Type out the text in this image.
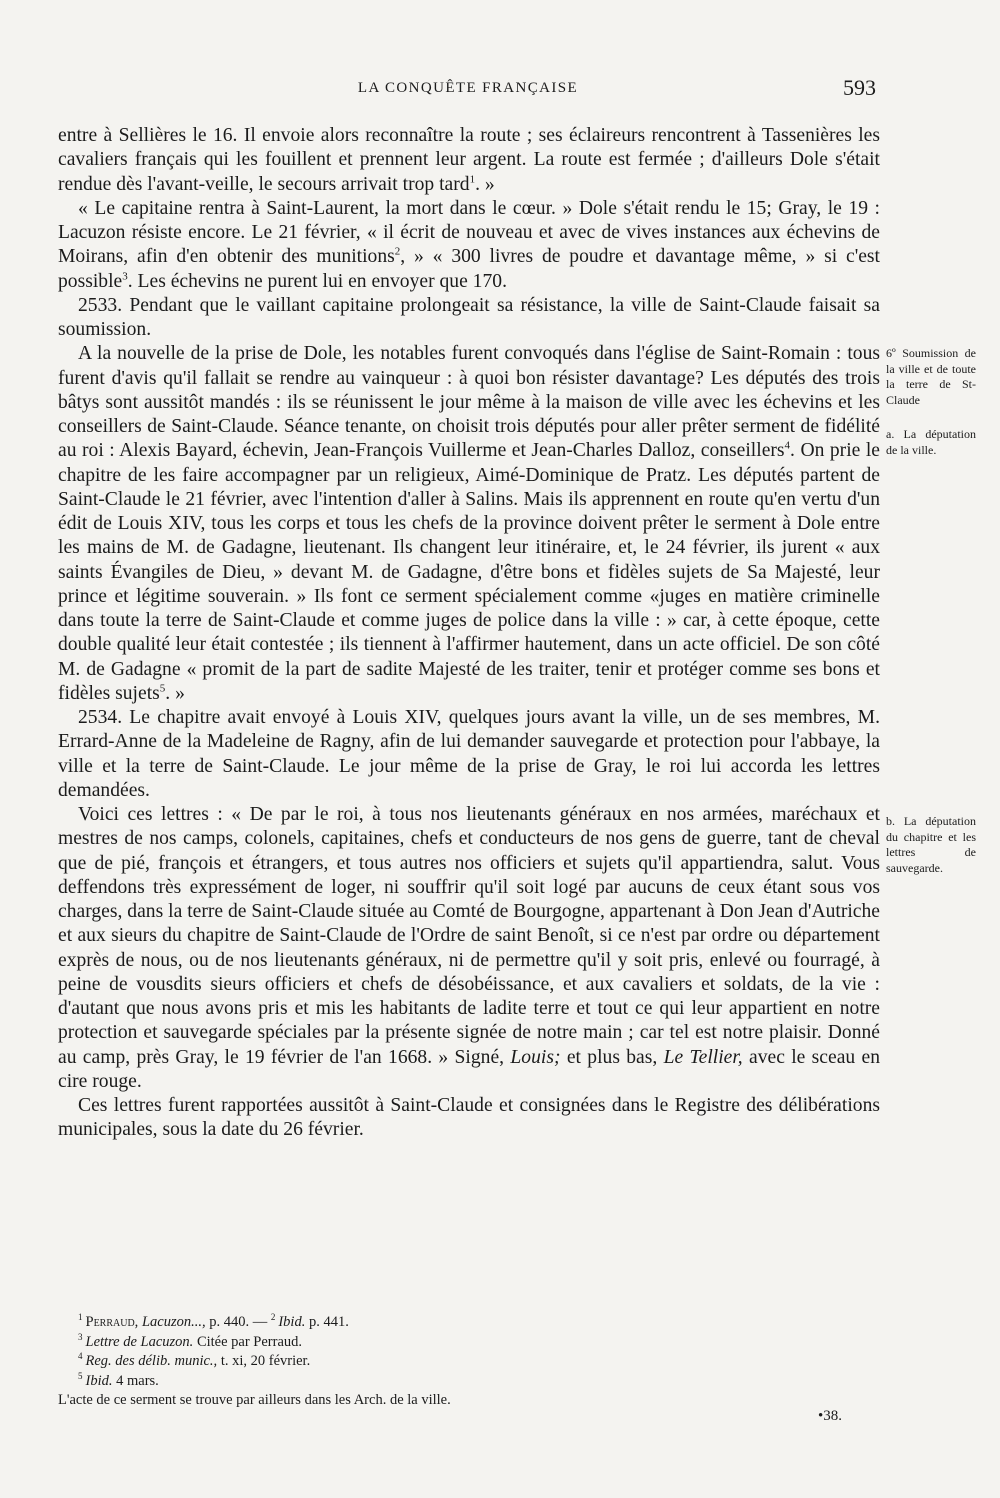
LA CONQUÊTE FRANÇAISE	593

entre à Sellières le 16. Il envoie alors reconnaître la route ; ses éclaireurs rencontrent à Tassenières les cavaliers français qui les fouillent et prennent leur argent. La route est fermée ; d'ailleurs Dole s'était rendue dès l'avant-veille, le secours arrivait trop tard$^1$. »

« Le capitaine rentra à Saint-Laurent, la mort dans le cœur. » Dole s'était rendu le 15; Gray, le 19 : Lacuzon résiste encore. Le 21 février, « il écrit de nouveau et avec de vives instances aux échevins de Moirans, afin d'en obtenir des munitions$^2$, » « 300 livres de poudre et davantage même, » si c'est possible$^3$. Les échevins ne purent lui en envoyer que 170.

2533. Pendant que le vaillant capitaine prolongeait sa résistance, la ville de Saint-Claude faisait sa soumission.

A la nouvelle de la prise de Dole, les notables furent convoqués dans l'église de Saint-Romain : tous furent d'avis qu'il fallait se rendre au vainqueur : à quoi bon résister davantage? Les députés des trois bâtys sont aussitôt mandés : ils se réunissent le jour même à la maison de ville avec les échevins et les conseillers de Saint-Claude. Séance tenante, on choisit trois députés pour aller prêter serment de fidélité au roi : Alexis Bayard, échevin, Jean-François Vuillerme et Jean-Charles Dalloz, conseillers$^4$. On prie le chapitre de les faire accompagner par un religieux, Aimé-Dominique de Pratz. Les députés partent de Saint-Claude le 21 février, avec l'intention d'aller à Salins. Mais ils apprennent en route qu'en vertu d'un édit de Louis XIV, tous les corps et tous les chefs de la province doivent prêter le serment à Dole entre les mains de M. de Gadagne, lieutenant. Ils changent leur itinéraire, et, le 24 février, ils jurent « aux saints Évangiles de Dieu, » devant M. de Gadagne, d'être bons et fidèles sujets de Sa Majesté, leur prince et légitime souverain. » Ils font ce serment spécialement comme «juges en matière criminelle dans toute la terre de Saint-Claude et comme juges de police dans la ville : » car, à cette époque, cette double qualité leur était contestée ; ils tiennent à l'affirmer hautement, dans un acte officiel. De son côté M. de Gadagne « promit de la part de sadite Majesté de les traiter, tenir et protéger comme ses bons et fidèles sujets$^5$. »

2534. Le chapitre avait envoyé à Louis XIV, quelques jours avant la ville, un de ses membres, M. Errard-Anne de la Madeleine de Ragny, afin de lui demander sauvegarde et protection pour l'abbaye, la ville et la terre de Saint-Claude. Le jour même de la prise de Gray, le roi lui accorda les lettres demandées.

Voici ces lettres : « De par le roi, à tous nos lieutenants généraux en nos armées, maréchaux et mestres de nos camps, colonels, capitaines, chefs et conducteurs de nos gens de guerre, tant de cheval que de pié, françois et étrangers, et tous autres nos officiers et sujets qu'il appartiendra, salut. Vous deffendons très expressément de loger, ni souffrir qu'il soit logé par aucuns de ceux étant sous vos charges, dans la terre de Saint-Claude située au Comté de Bourgogne, appartenant à Don Jean d'Autriche et aux sieurs du chapitre de Saint-Claude de l'Ordre de saint Benoît, si ce n'est par ordre ou département exprès de nous, ou de nos lieutenants généraux, ni de permettre qu'il y soit pris, enlevé ou fourragé, à peine de vousdits sieurs officiers et chefs de désobéissance, et aux cavaliers et soldats, de la vie : d'autant que nous avons pris et mis les habitants de ladite terre et tout ce qui leur appartient en notre protection et sauvegarde spéciales par la présente signée de notre main ; car tel est notre plaisir. Donné au camp, près Gray, le 19 février de l'an 1668. » Signé, Louis; et plus bas, Le Tellier, avec le sceau en cire rouge.

Ces lettres furent rapportées aussitôt à Saint-Claude et consignées dans le Registre des délibérations municipales, sous la date du 26 février.

6º Soumission de la ville et de toute la terre de St-Claude
a. La députation de la ville.
b. La députation du chapitre et les lettres de sauvegarde.
$^1$ Perraud, Lacuzon..., p. 440. — $^2$ Ibid. p. 441.
$^3$ Lettre de Lacuzon. Citée par Perraud.
$^4$ Reg. des délib. munic., t. xi, 20 février.
$^5$ Ibid. 4 mars.
L'acte de ce serment se trouve par ailleurs dans les Arch. de la ville.
•38.
